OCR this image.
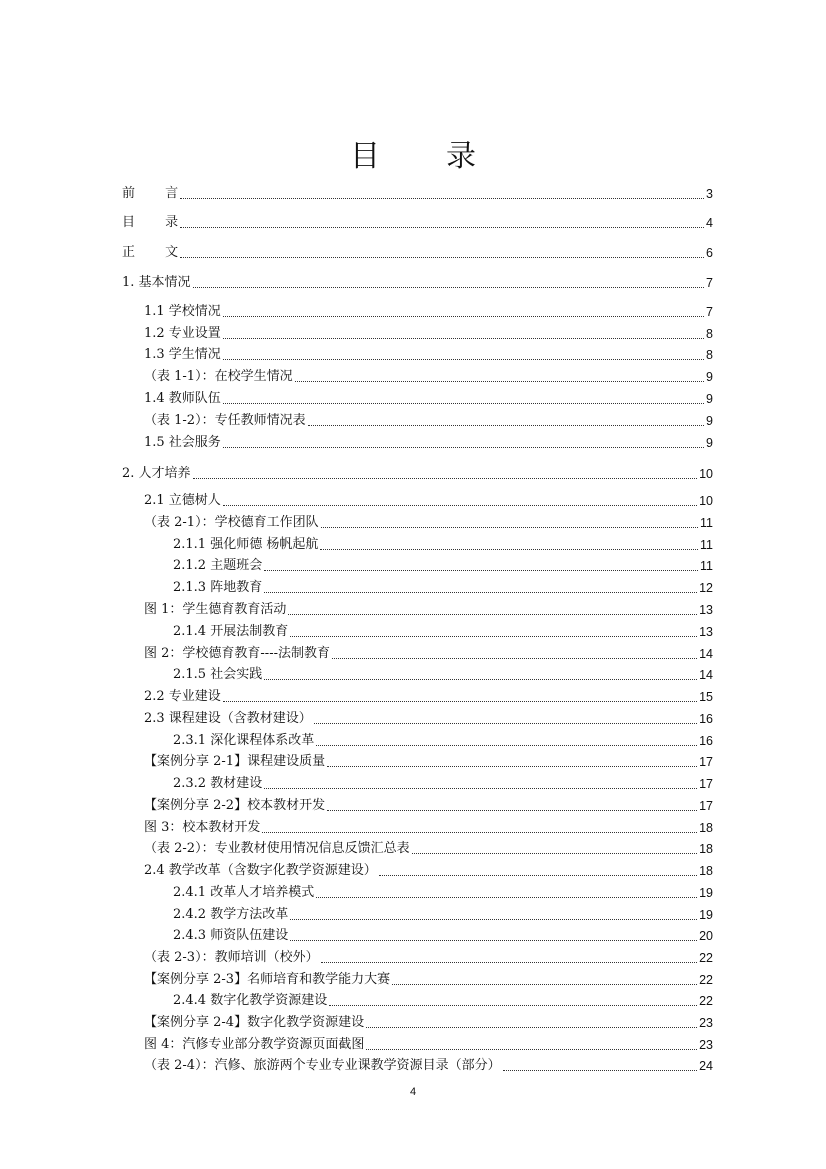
目 录
前　　 言	3
目　　 录	4
正　　 文	6
1. 基本情况	7
1.1 学校情况	7
1.2 专业设置	8
1.3 学生情况	8
（表 1-1）：在校学生情况	9
1.4 教师队伍	9
（表 1-2）：专任教师情况表	9
1.5 社会服务	9
2. 人才培养	10
2.1 立德树人	10
（表 2-1）：学校德育工作团队	11
2.1.1 强化师德 杨帆起航	11
2.1.2 主题班会	11
2.1.3 阵地教育	12
图 1：学生德育教育活动	13
2.1.4 开展法制教育	13
图 2：学校德育教育----法制教育	14
2.1.5 社会实践	14
2.2 专业建设	15
2.3 课程建设（含教材建设）	16
2.3.1 深化课程体系改革	16
【案例分享 2-1】课程建设质量	17
2.3.2 教材建设	17
【案例分享 2-2】校本教材开发	17
图 3：校本教材开发	18
（表 2-2）：专业教材使用情况信息反馈汇总表	18
2.4 教学改革（含数字化教学资源建设）	18
2.4.1 改革人才培养模式	19
2.4.2 教学方法改革	19
2.4.3 师资队伍建设	20
（表 2-3）：教师培训（校外）	22
【案例分享 2-3】名师培育和教学能力大赛	22
2.4.4 数字化教学资源建设	22
【案例分享 2-4】数字化教学资源建设	23
图 4：汽修专业部分教学资源页面截图	23
（表 2-4）：汽修、旅游两个专业专业课教学资源目录（部分）	24
4
